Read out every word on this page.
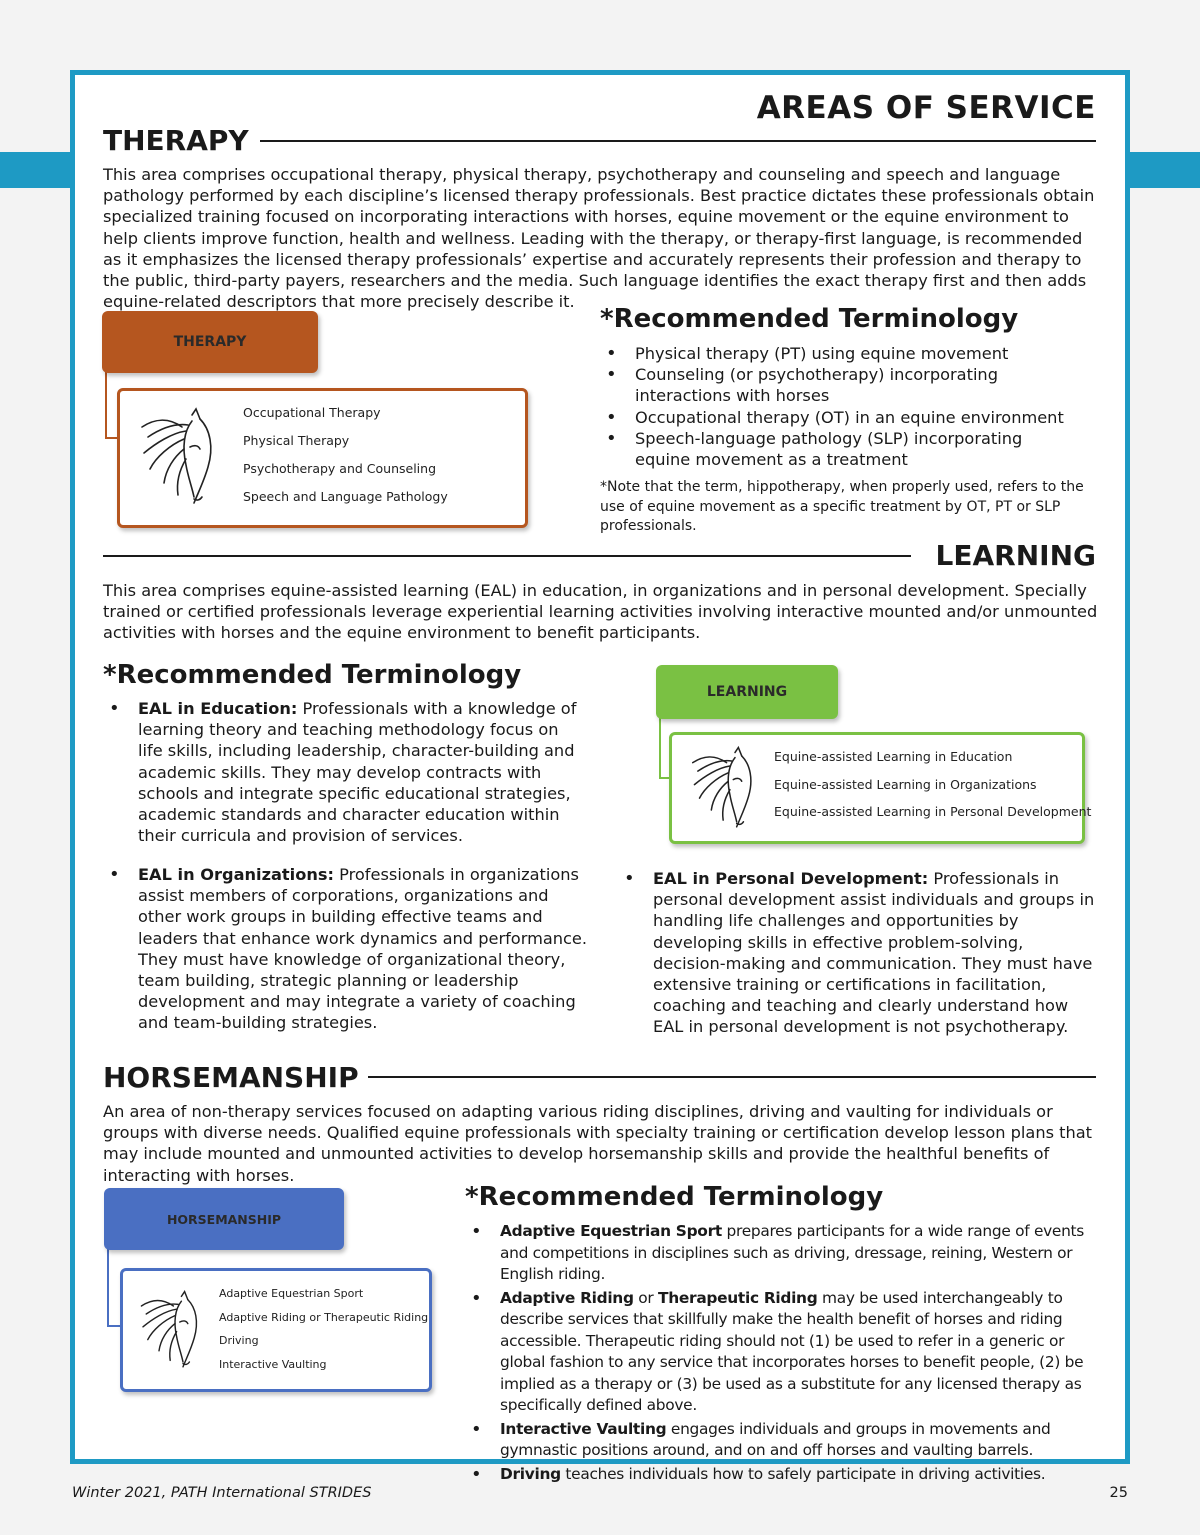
AREAS OF SERVICE
THERAPY

This area comprises occupational therapy, physical therapy, psychotherapy and counseling and speech and language pathology performed by each discipline’s licensed therapy professionals. Best practice dictates these professionals obtain specialized training focused on incorporating interactions with horses, equine movement or the equine environment to help clients improve function, health and wellness. Leading with the therapy, or therapy-first language, is recommended as it emphasizes the licensed therapy professionals’ expertise and accurately represents their profession and therapy to the public, third-party payers, researchers and the media. Such language identifies the exact therapy first and then adds equine-related descriptors that more precisely describe it.

THERAPY
Occupational Therapy
Physical Therapy
Psychotherapy and Counseling
Speech and Language Pathology
*Recommended Terminology
• Physical therapy (PT) using equine movement
• Counseling (or psychotherapy) incorporating interactions with horses
• Occupational therapy (OT) in an equine environment
• Speech-language pathology (SLP) incorporating equine movement as a treatment

*Note that the term, hippotherapy, when properly used, refers to the use of equine movement as a specific treatment by OT, PT or SLP professionals.

LEARNING

This area comprises equine-assisted learning (EAL) in education, in organizations and in personal development. Specially trained or certified professionals leverage experiential learning activities involving interactive mounted and/or unmounted activities with horses and the equine environment to benefit participants.

*Recommended Terminology
• EAL in Education: Professionals with a knowledge of learning theory and teaching methodology focus on life skills, including leadership, character-building and academic skills. They may develop contracts with schools and integrate specific educational strategies, academic standards and character education within their curricula and provision of services.
• EAL in Organizations: Professionals in organizations assist members of corporations, organizations and other work groups in building effective teams and leaders that enhance work dynamics and performance. They must have knowledge of organizational theory, team building, strategic planning or leadership development and may integrate a variety of coaching and team-building strategies.
LEARNING
Equine-assisted Learning in Education
Equine-assisted Learning in Organizations
Equine-assisted Learning in Personal Development
• EAL in Personal Development: Professionals in personal development assist individuals and groups in handling life challenges and opportunities by developing skills in effective problem-solving, decision-making and communication. They must have extensive training or certifications in facilitation, coaching and teaching and clearly understand how EAL in personal development is not psychotherapy.
HORSEMANSHIP

An area of non-therapy services focused on adapting various riding disciplines, driving and vaulting for individuals or groups with diverse needs. Qualified equine professionals with specialty training or certification develop lesson plans that may include mounted and unmounted activities to develop horsemanship skills and provide the healthful benefits of interacting with horses.

HORSEMANSHIP
Adaptive Equestrian Sport
Adaptive Riding or Therapeutic Riding
Driving
Interactive Vaulting
*Recommended Terminology
• Adaptive Equestrian Sport prepares participants for a wide range of events and competitions in disciplines such as driving, dressage, reining, Western or English riding.
• Adaptive Riding or Therapeutic Riding may be used interchangeably to describe services that skillfully make the health benefit of horses and riding accessible. Therapeutic riding should not (1) be used to refer in a generic or global fashion to any service that incorporates horses to benefit people, (2) be implied as a therapy or (3) be used as a substitute for any licensed therapy as specifically defined above.
• Interactive Vaulting engages individuals and groups in movements and gymnastic positions around, and on and off horses and vaulting barrels.
• Driving teaches individuals how to safely participate in driving activities.
Winter 2021, PATH International STRIDES	25
